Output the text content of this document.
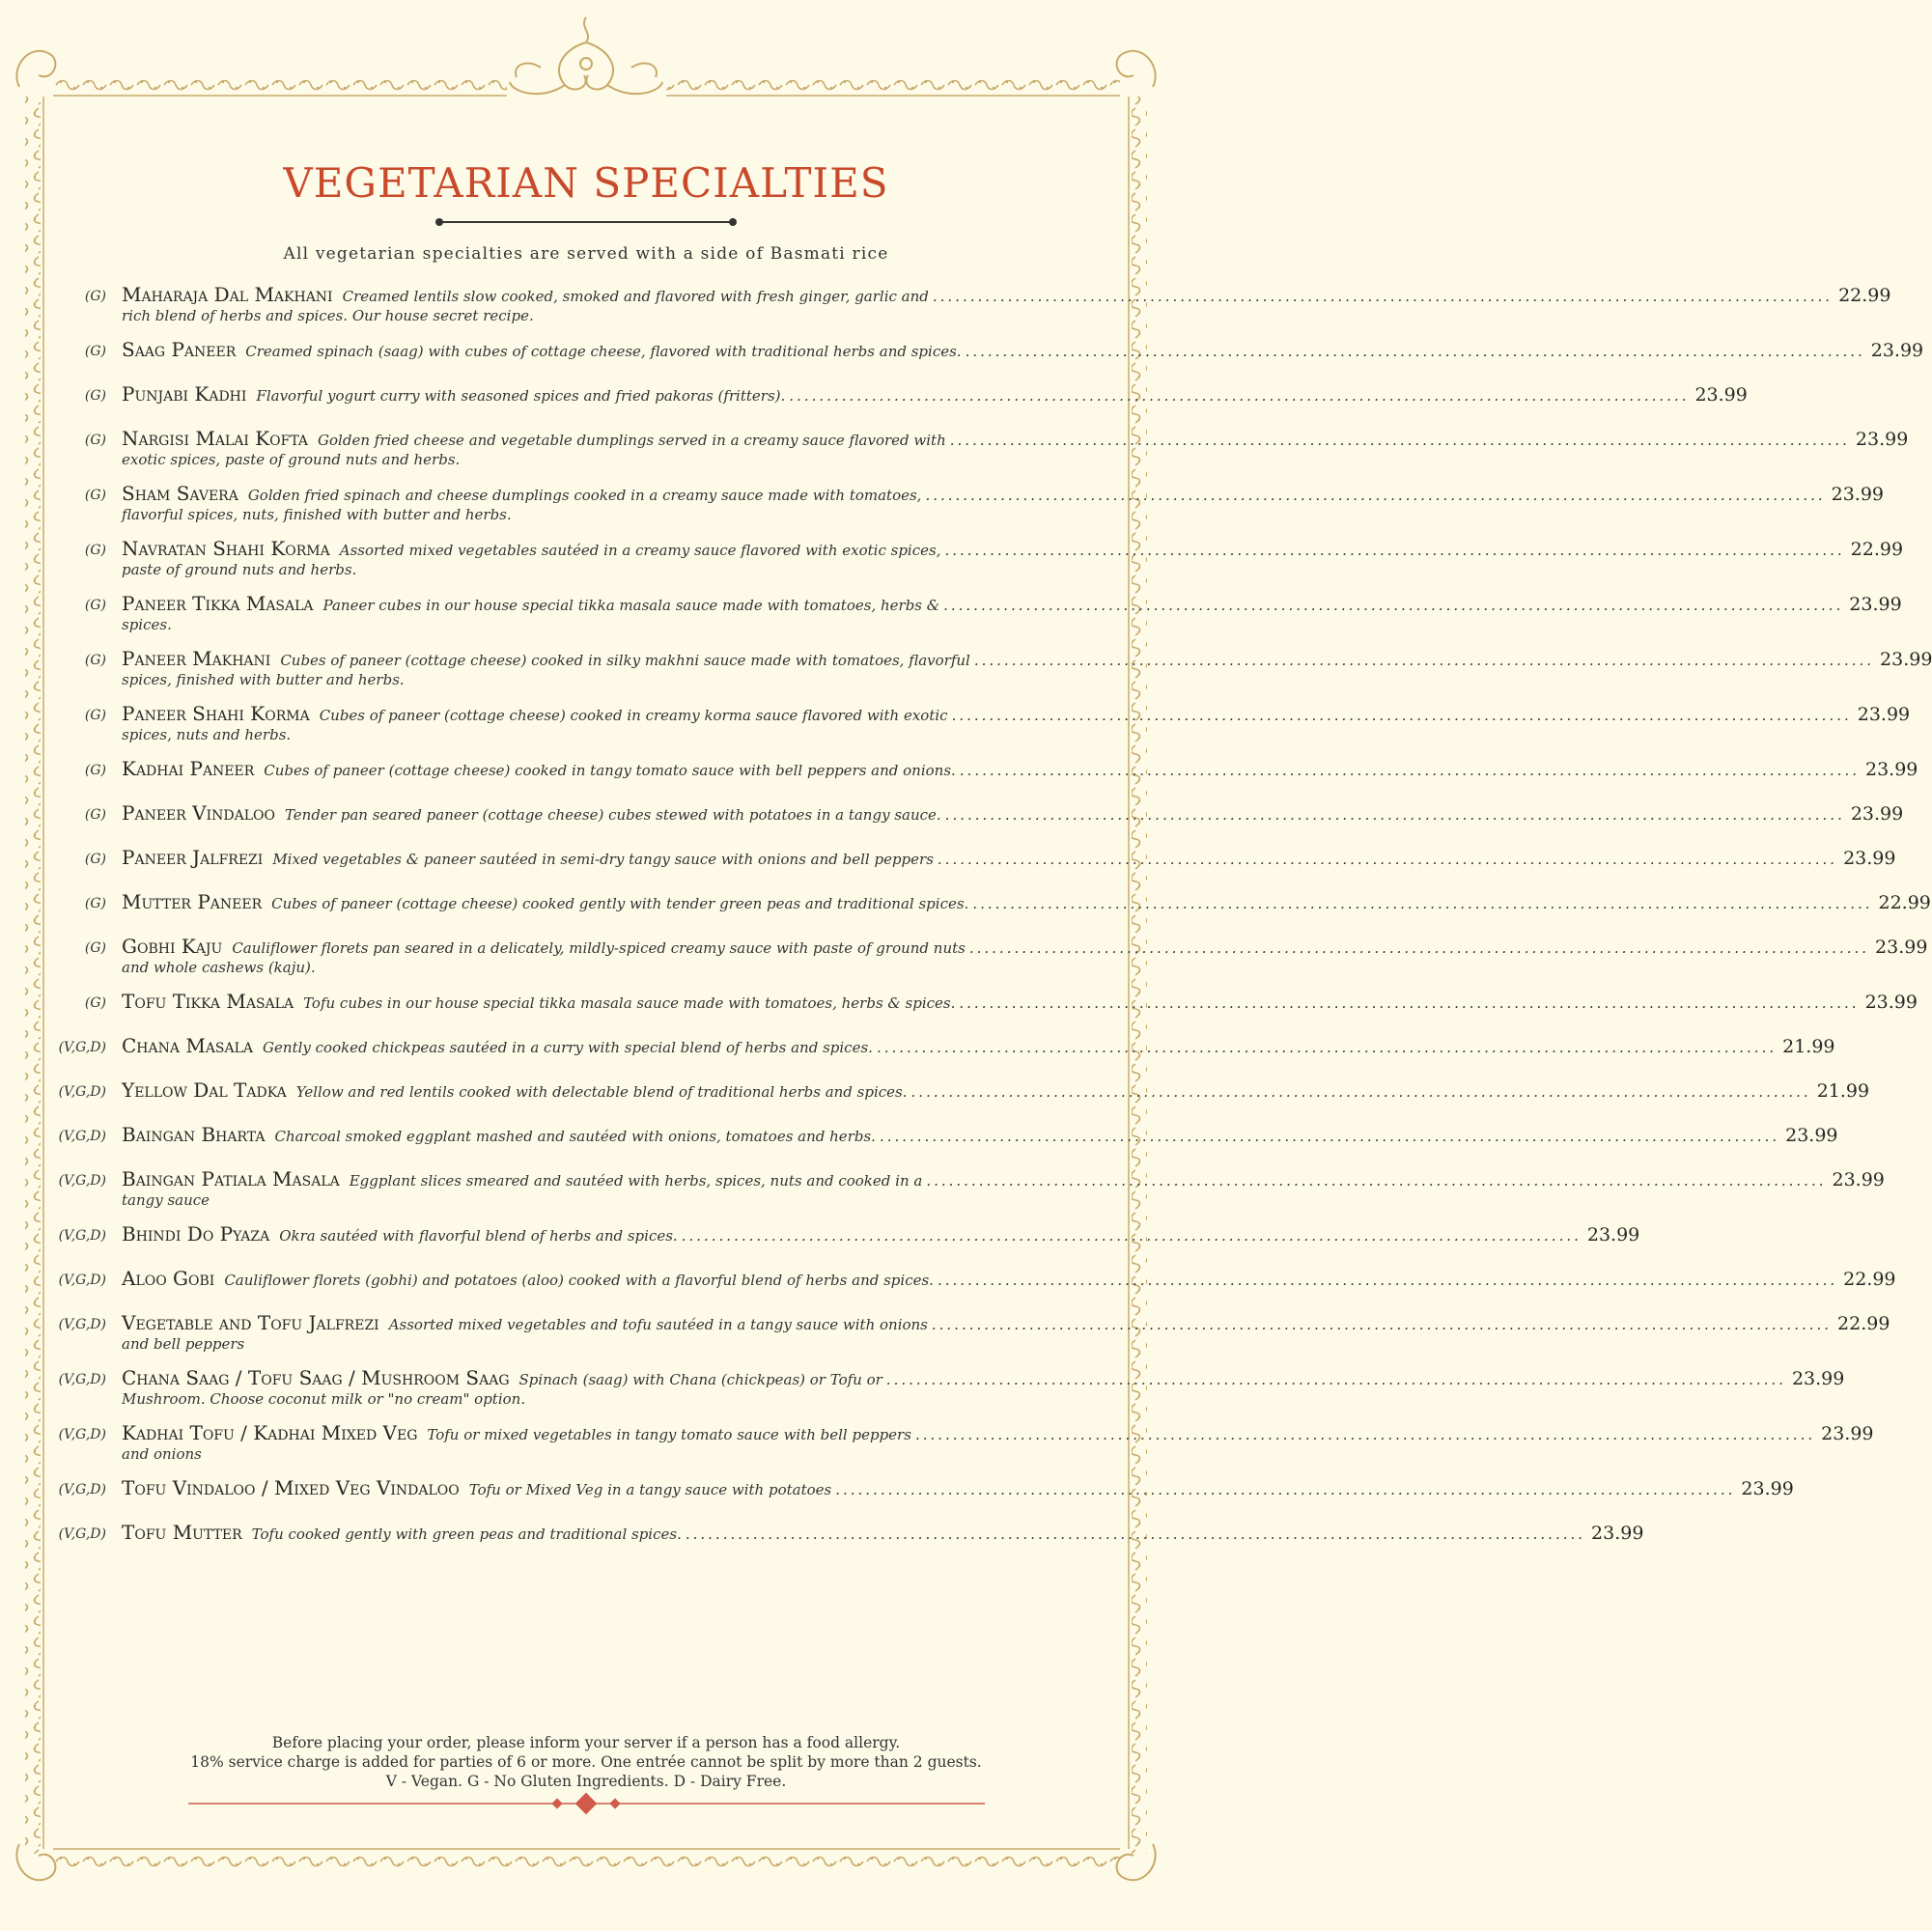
VEGETARIAN SPECIALTIES
All vegetarian specialties are served with a side of Basmati rice
(G) Maharaja Dal Makhani Creamed lentils slow cooked, smoked and flavored with fresh ginger, garlic and ........................................................................................................................ 22.99
rich blend of herbs and spices. Our house secret recipe.
(G) Saag Paneer Creamed spinach (saag) with cubes of cottage cheese, flavored with traditional herbs and spices. ........................................................................................................................ 23.99
(G) Punjabi Kadhi Flavorful yogurt curry with seasoned spices and fried pakoras (fritters). ........................................................................................................................ 23.99
(G) Nargisi Malai Kofta Golden fried cheese and vegetable dumplings served in a creamy sauce flavored with ........................................................................................................................ 23.99
exotic spices, paste of ground nuts and herbs.
(G) Sham Savera Golden fried spinach and cheese dumplings cooked in a creamy sauce made with tomatoes, ........................................................................................................................ 23.99
flavorful spices, nuts, finished with butter and herbs.
(G) Navratan Shahi Korma Assorted mixed vegetables sautéed in a creamy sauce flavored with exotic spices, ........................................................................................................................ 22.99
paste of ground nuts and herbs.
(G) Paneer Tikka Masala Paneer cubes in our house special tikka masala sauce made with tomatoes, herbs & ........................................................................................................................ 23.99
spices.
(G) Paneer Makhani Cubes of paneer (cottage cheese) cooked in silky makhni sauce made with tomatoes, flavorful ........................................................................................................................ 23.99
spices, finished with butter and herbs.
(G) Paneer Shahi Korma Cubes of paneer (cottage cheese) cooked in creamy korma sauce flavored with exotic ........................................................................................................................ 23.99
spices, nuts and herbs.
(G) Kadhai Paneer Cubes of paneer (cottage cheese) cooked in tangy tomato sauce with bell peppers and onions. ........................................................................................................................ 23.99
(G) Paneer Vindaloo Tender pan seared paneer (cottage cheese) cubes stewed with potatoes in a tangy sauce. ........................................................................................................................ 23.99
(G) Paneer Jalfrezi Mixed vegetables & paneer sautéed in semi-dry tangy sauce with onions and bell peppers ........................................................................................................................ 23.99
(G) Mutter Paneer Cubes of paneer (cottage cheese) cooked gently with tender green peas and traditional spices. ........................................................................................................................ 22.99
(G) Gobhi Kaju Cauliflower florets pan seared in a delicately, mildly-spiced creamy sauce with paste of ground nuts ........................................................................................................................ 23.99
and whole cashews (kaju).
(G) Tofu Tikka Masala Tofu cubes in our house special tikka masala sauce made with tomatoes, herbs & spices. ........................................................................................................................ 23.99
(V,G,D) Chana Masala Gently cooked chickpeas sautéed in a curry with special blend of herbs and spices. ........................................................................................................................ 21.99
(V,G,D) Yellow Dal Tadka Yellow and red lentils cooked with delectable blend of traditional herbs and spices. ........................................................................................................................ 21.99
(V,G,D) Baingan Bharta Charcoal smoked eggplant mashed and sautéed with onions, tomatoes and herbs. ........................................................................................................................ 23.99
(V,G,D) Baingan Patiala Masala Eggplant slices smeared and sautéed with herbs, spices, nuts and cooked in a ........................................................................................................................ 23.99
tangy sauce
(V,G,D) Bhindi Do Pyaza Okra sautéed with flavorful blend of herbs and spices. ........................................................................................................................ 23.99
(V,G,D) Aloo Gobi Cauliflower florets (gobhi) and potatoes (aloo) cooked with a flavorful blend of herbs and spices. ........................................................................................................................ 22.99
(V,G,D) Vegetable and Tofu Jalfrezi Assorted mixed vegetables and tofu sautéed in a tangy sauce with onions ........................................................................................................................ 22.99
and bell peppers
(V,G,D) Chana Saag / Tofu Saag / Mushroom Saag Spinach (saag) with Chana (chickpeas) or Tofu or ........................................................................................................................ 23.99
Mushroom. Choose coconut milk or "no cream" option.
(V,G,D) Kadhai Tofu / Kadhai Mixed Veg Tofu or mixed vegetables in tangy tomato sauce with bell peppers ........................................................................................................................ 23.99
and onions
(V,G,D) Tofu Vindaloo / Mixed Veg Vindaloo Tofu or Mixed Veg in a tangy sauce with potatoes ........................................................................................................................ 23.99
(V,G,D) Tofu Mutter Tofu cooked gently with green peas and traditional spices. ........................................................................................................................ 23.99
Before placing your order, please inform your server if a person has a food allergy.
18% service charge is added for parties of 6 or more. One entrée cannot be split by more than 2 guests.
V - Vegan. G - No Gluten Ingredients. D - Dairy Free.
